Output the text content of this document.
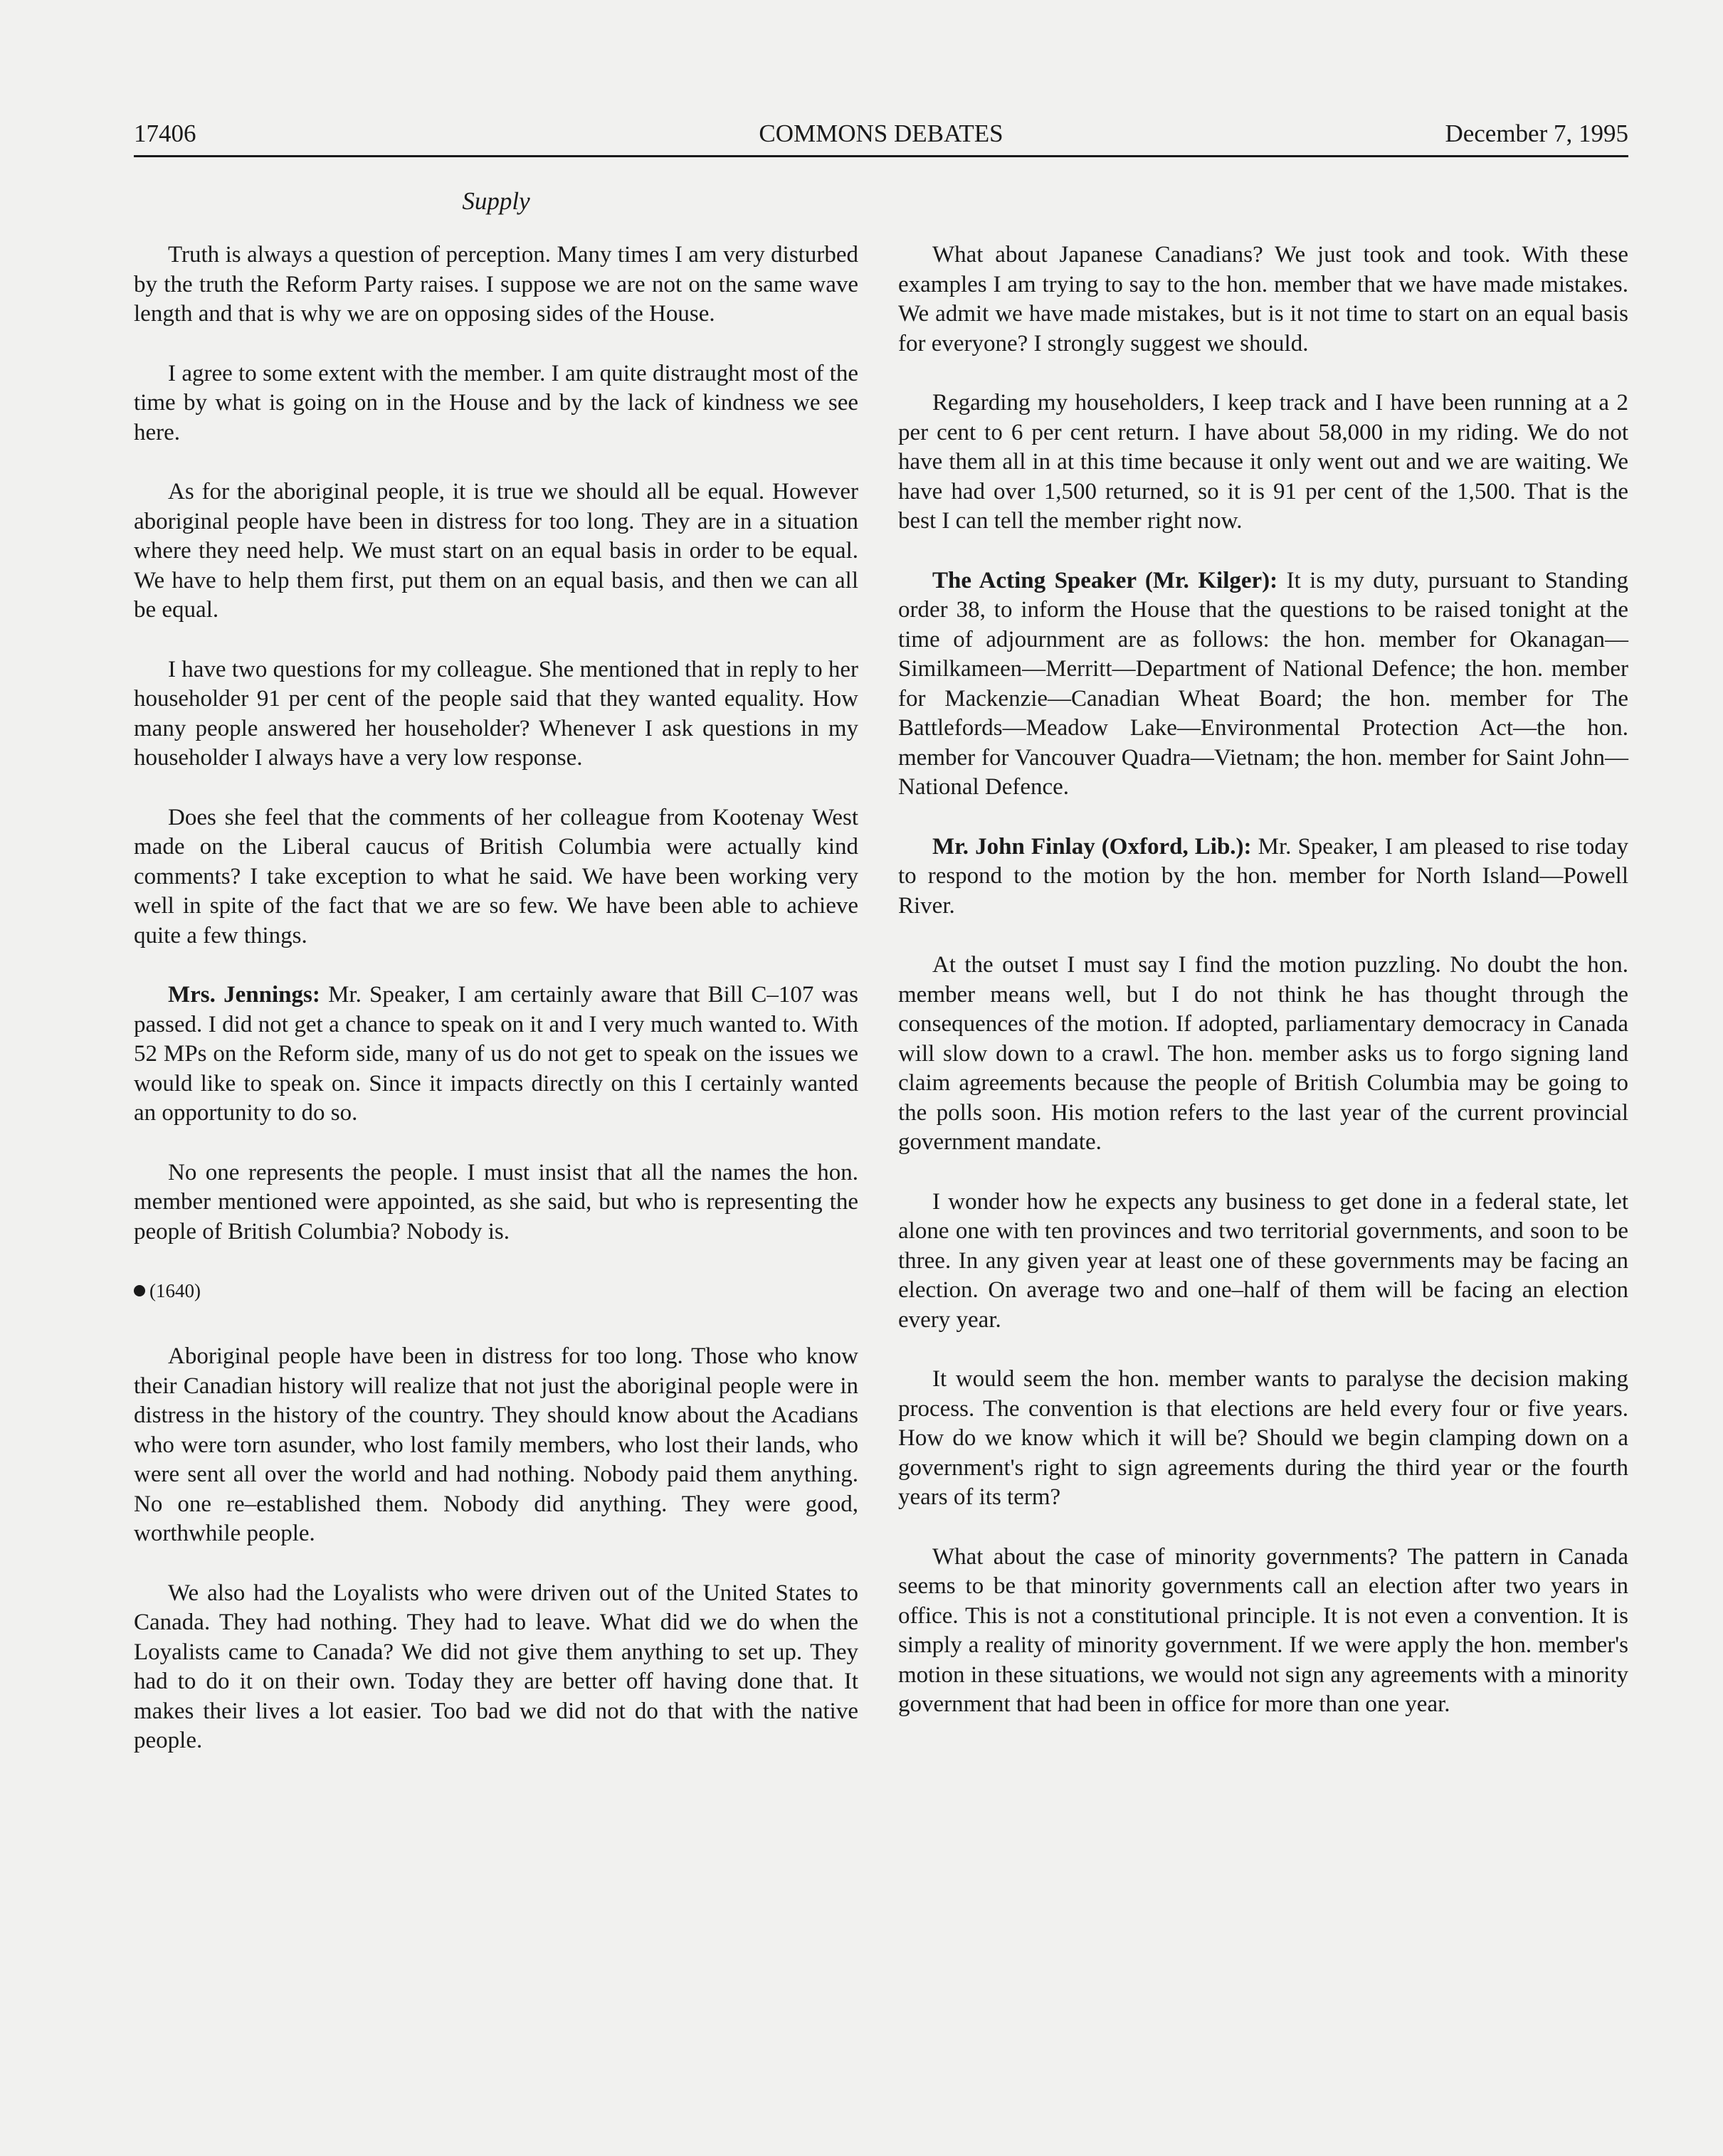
17406	COMMONS DEBATES	December 7, 1995
Supply

Truth is always a question of perception. Many times I am very disturbed by the truth the Reform Party raises. I suppose we are not on the same wave length and that is why we are on opposing sides of the House.

I agree to some extent with the member. I am quite distraught most of the time by what is going on in the House and by the lack of kindness we see here.

As for the aboriginal people, it is true we should all be equal. However aboriginal people have been in distress for too long. They are in a situation where they need help. We must start on an equal basis in order to be equal. We have to help them first, put them on an equal basis, and then we can all be equal.

I have two questions for my colleague. She mentioned that in reply to her householder 91 per cent of the people said that they wanted equality. How many people answered her householder? Whenever I ask questions in my householder I always have a very low response.

Does she feel that the comments of her colleague from Kootenay West made on the Liberal caucus of British Columbia were actually kind comments? I take exception to what he said. We have been working very well in spite of the fact that we are so few. We have been able to achieve quite a few things.

Mrs. Jennings: Mr. Speaker, I am certainly aware that Bill C–107 was passed. I did not get a chance to speak on it and I very much wanted to. With 52 MPs on the Reform side, many of us do not get to speak on the issues we would like to speak on. Since it impacts directly on this I certainly wanted an opportunity to do so.

No one represents the people. I must insist that all the names the hon. member mentioned were appointed, as she said, but who is representing the people of British Columbia? Nobody is.

(1640)

Aboriginal people have been in distress for too long. Those who know their Canadian history will realize that not just the aboriginal people were in distress in the history of the country. They should know about the Acadians who were torn asunder, who lost family members, who lost their lands, who were sent all over the world and had nothing. Nobody paid them anything. No one re–established them. Nobody did anything. They were good, worthwhile people.

We also had the Loyalists who were driven out of the United States to Canada. They had nothing. They had to leave. What did we do when the Loyalists came to Canada? We did not give them anything to set up. They had to do it on their own. Today they are better off having done that. It makes their lives a lot easier. Too bad we did not do that with the native people.

What about Japanese Canadians? We just took and took. With these examples I am trying to say to the hon. member that we have made mistakes. We admit we have made mistakes, but is it not time to start on an equal basis for everyone? I strongly suggest we should.

Regarding my householders, I keep track and I have been running at a 2 per cent to 6 per cent return. I have about 58,000 in my riding. We do not have them all in at this time because it only went out and we are waiting. We have had over 1,500 returned, so it is 91 per cent of the 1,500. That is the best I can tell the member right now.

The Acting Speaker (Mr. Kilger): It is my duty, pursuant to Standing order 38, to inform the House that the questions to be raised tonight at the time of adjournment are as follows: the hon. member for Okanagan—Similkameen—Merritt—Department of National Defence; the hon. member for Mackenzie—Canadian Wheat Board; the hon. member for The Battlefords—Meadow Lake—Environmental Protection Act—the hon. member for Vancouver Quadra—Vietnam; the hon. member for Saint John—National Defence.

Mr. John Finlay (Oxford, Lib.): Mr. Speaker, I am pleased to rise today to respond to the motion by the hon. member for North Island—Powell River.

At the outset I must say I find the motion puzzling. No doubt the hon. member means well, but I do not think he has thought through the consequences of the motion. If adopted, parliamentary democracy in Canada will slow down to a crawl. The hon. member asks us to forgo signing land claim agreements because the people of British Columbia may be going to the polls soon. His motion refers to the last year of the current provincial government mandate.

I wonder how he expects any business to get done in a federal state, let alone one with ten provinces and two territorial governments, and soon to be three. In any given year at least one of these governments may be facing an election. On average two and one–half of them will be facing an election every year.

It would seem the hon. member wants to paralyse the decision making process. The convention is that elections are held every four or five years. How do we know which it will be? Should we begin clamping down on a government's right to sign agreements during the third year or the fourth years of its term?

What about the case of minority governments? The pattern in Canada seems to be that minority governments call an election after two years in office. This is not a constitutional principle. It is not even a convention. It is simply a reality of minority government. If we were apply the hon. member's motion in these situations, we would not sign any agreements with a minority government that had been in office for more than one year.
